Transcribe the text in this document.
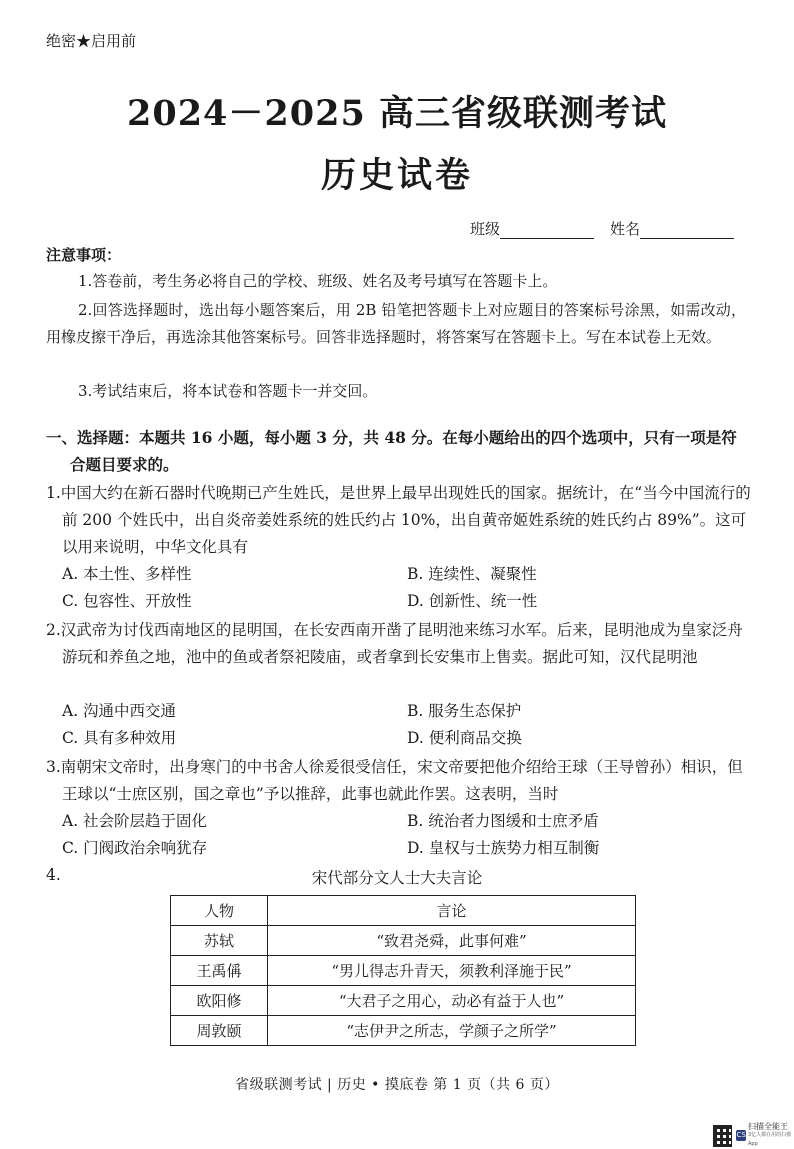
绝密★启用前
2024－2025 高三省级联测考试
历史试卷
班级	姓名
注意事项：
1.答卷前，考生务必将自己的学校、班级、姓名及考号填写在答题卡上。
2.回答选择题时，选出每小题答案后，用 2B 铅笔把答题卡上对应题目的答案标号涂黑，如需改动，用橡皮擦干净后，再选涂其他答案标号。回答非选择题时，将答案写在答题卡上。写在本试卷上无效。
3.考试结束后，将本试卷和答题卡一并交回。
一、选择题：本题共 16 小题，每小题 3 分，共 48 分。在每小题给出的四个选项中，只有一项是符
合题目要求的。
1.中国大约在新石器时代晚期已产生姓氏，是世界上最早出现姓氏的国家。据统计，在“当今中国流行的前 200 个姓氏中，出自炎帝姜姓系统的姓氏约占 10%，出自黄帝姬姓系统的姓氏约占 89%”。这可以用来说明，中华文化具有
A. 本土性、多样性	B. 连续性、凝聚性
C. 包容性、开放性	D. 创新性、统一性
2.汉武帝为讨伐西南地区的昆明国，在长安西南开凿了昆明池来练习水军。后来，昆明池成为皇家泛舟游玩和养鱼之地，池中的鱼或者祭祀陵庙，或者拿到长安集市上售卖。据此可知，汉代昆明池
A. 沟通中西交通	B. 服务生态保护
C. 具有多种效用	D. 便利商品交换
3.南朝宋文帝时，出身寒门的中书舍人徐爰很受信任，宋文帝要把他介绍给王球（王导曾孙）相识，但王球以“士庶区别，国之章也”予以推辞，此事也就此作罢。这表明，当时
A. 社会阶层趋于固化	B. 统治者力图缓和士庶矛盾
C. 门阀政治余响犹存	D. 皇权与士族势力相互制衡
4.	宋代部分文人士大夫言论
人物	言论
苏轼	“致君尧舜，此事何难”
王禹偁	“男儿得志升青天，须教利泽施于民”
欧阳修	“大君子之用心，动必有益于人也”
周敦颐	“志伊尹之所志，学颜子之所学”
省级联测考试 | 历史 • 摸底卷 第 1 页（共 6 页）
CS
扫描全能王
3亿人都在用的扫描App
